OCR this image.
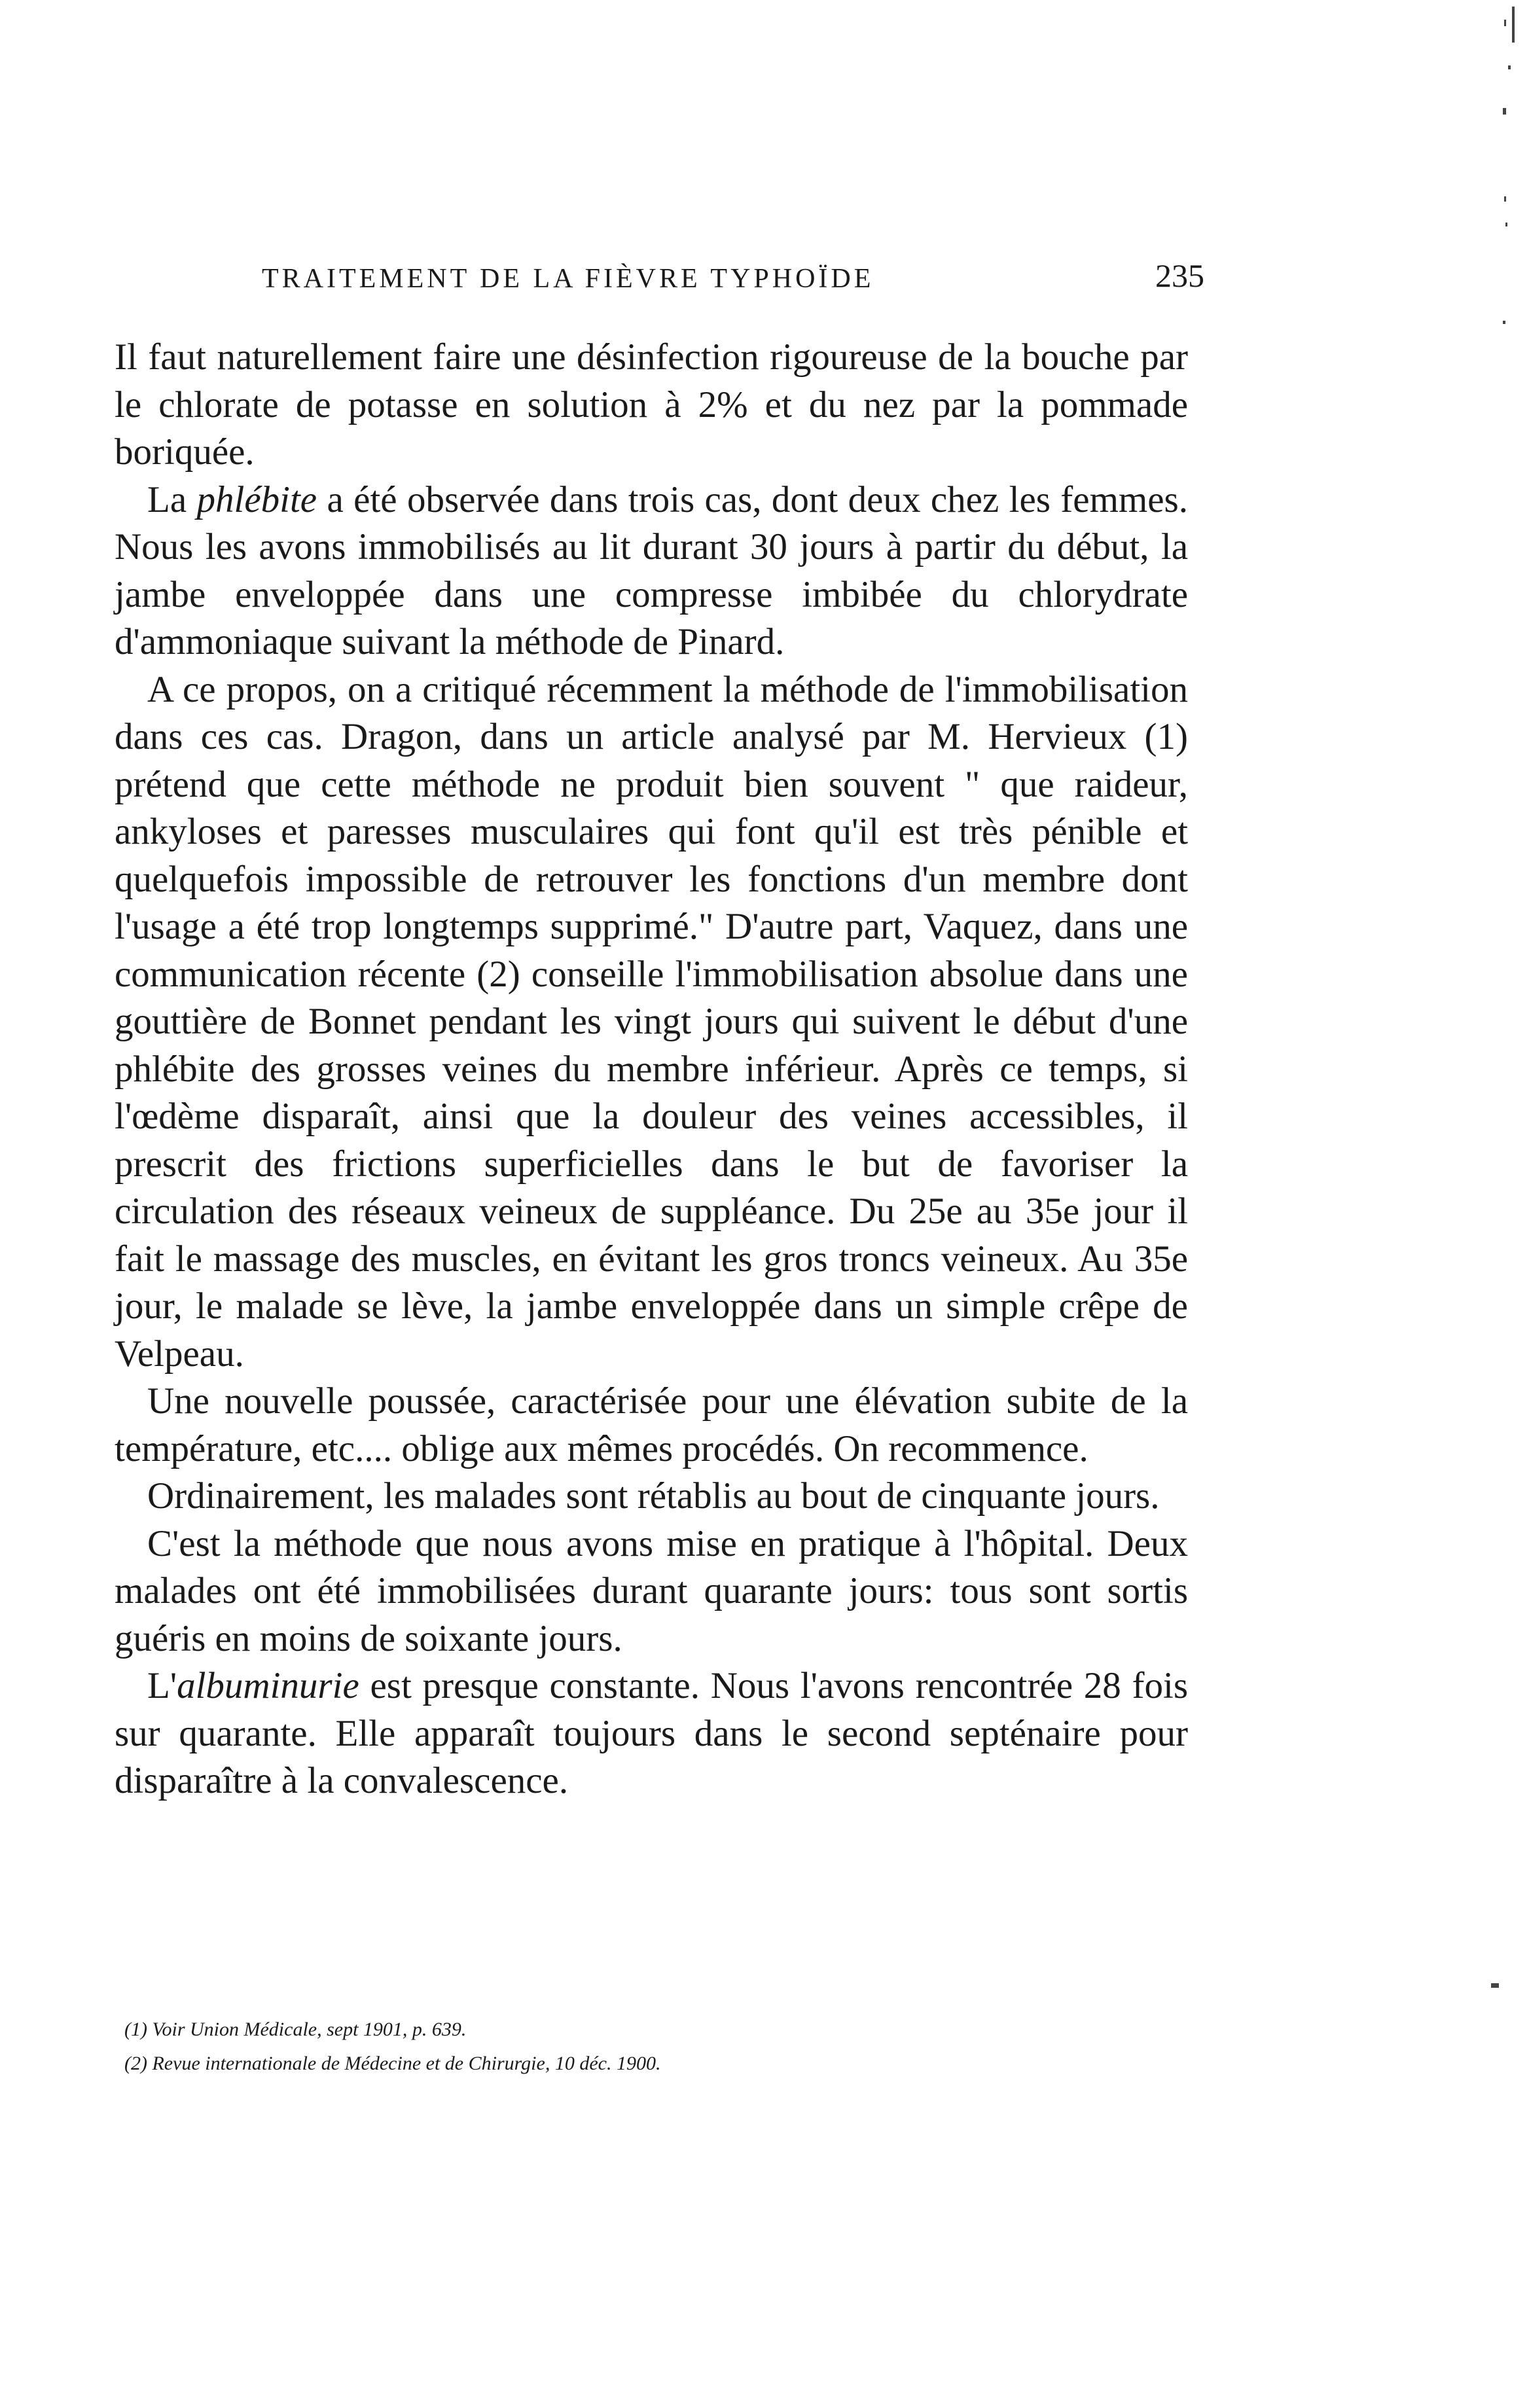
TRAITEMENT DE LA FIÈVRE TYPHOÏDE	235

Il faut naturellement faire une désinfection rigoureuse de la bouche par le chlorate de potasse en solution à 2% et du nez par la pommade boriquée.

La phlébite a été observée dans trois cas, dont deux chez les femmes. Nous les avons immobilisés au lit durant 30 jours à partir du début, la jambe enveloppée dans une compresse imbibée du chlorydrate d'ammoniaque suivant la méthode de Pinard.

A ce propos, on a critiqué récemment la méthode de l'immobilisation dans ces cas. Dragon, dans un article analysé par M. Hervieux (1) prétend que cette méthode ne produit bien souvent " que raideur, ankyloses et paresses musculaires qui font qu'il est très pénible et quelquefois impossible de retrouver les fonctions d'un membre dont l'usage a été trop longtemps supprimé." D'autre part, Vaquez, dans une communication récente (2) conseille l'immobilisation absolue dans une gouttière de Bonnet pendant les vingt jours qui suivent le début d'une phlébite des grosses veines du membre inférieur. Après ce temps, si l'œdème disparaît, ainsi que la douleur des veines accessibles, il prescrit des frictions superficielles dans le but de favoriser la circulation des réseaux veineux de suppléance. Du 25e au 35e jour il fait le massage des muscles, en évitant les gros troncs veineux. Au 35e jour, le malade se lève, la jambe enveloppée dans un simple crêpe de Velpeau.

Une nouvelle poussée, caractérisée pour une élévation subite de la température, etc.... oblige aux mêmes procédés. On recommence.

Ordinairement, les malades sont rétablis au bout de cinquante jours.

C'est la méthode que nous avons mise en pratique à l'hôpital. Deux malades ont été immobilisées durant quarante jours: tous sont sortis guéris en moins de soixante jours.

L'albuminurie est presque constante. Nous l'avons rencontrée 28 fois sur quarante. Elle apparaît toujours dans le second septénaire pour disparaître à la convalescence.

(1) Voir Union Médicale, sept 1901, p. 639.

(2) Revue internationale de Médecine et de Chirurgie, 10 déc. 1900.
